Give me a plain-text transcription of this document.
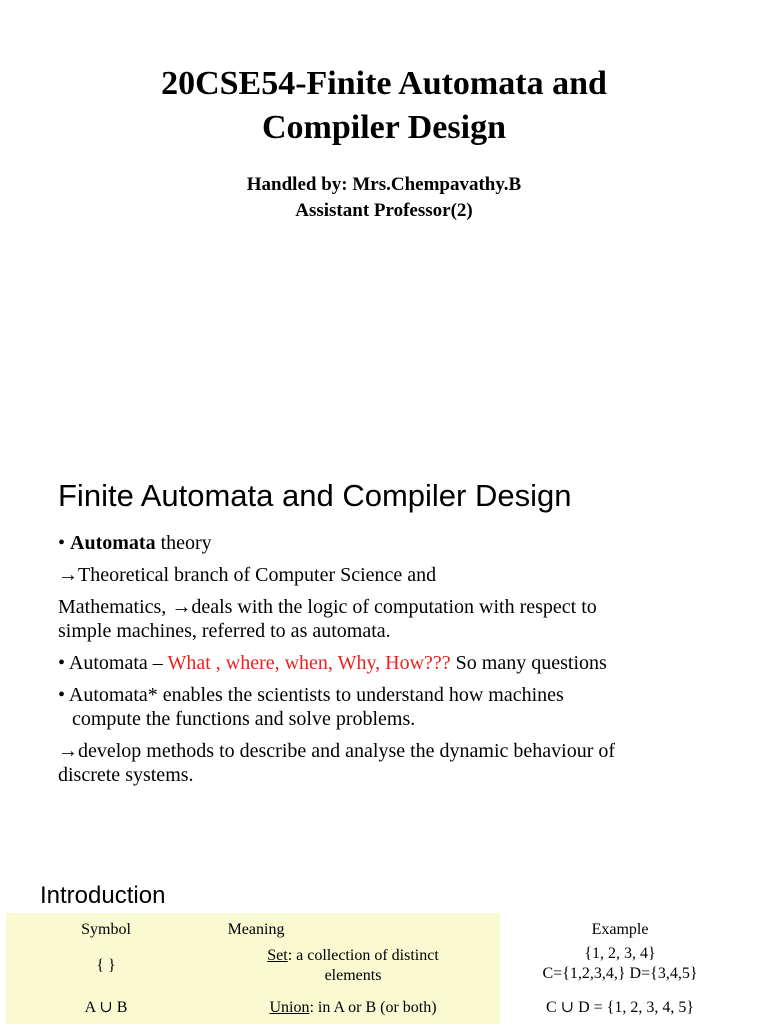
20CSE54-Finite Automata and
Compiler Design
Handled by: Mrs.Chempavathy.B
Assistant Professor(2)
Finite Automata and Compiler Design
• Automata theory
→Theoretical branch of Computer Science and
Mathematics, →deals with the logic of computation with respect to
simple machines, referred to as automata.
• Automata – What , where, when, Why, How??? So many questions
• Automata* enables the scientists to understand how machines
compute the functions and solve problems.
→develop methods to describe and analyse the dynamic behaviour of
discrete systems.
Introduction
Symbol	Meaning
{ }
Set: a collection of distinct
elements
A ∪ B	Union: in A or B (or both)
Example
{1, 2, 3, 4}
C={1,2,3,4,} D={3,4,5}
C ∪ D = {1, 2, 3, 4, 5}
